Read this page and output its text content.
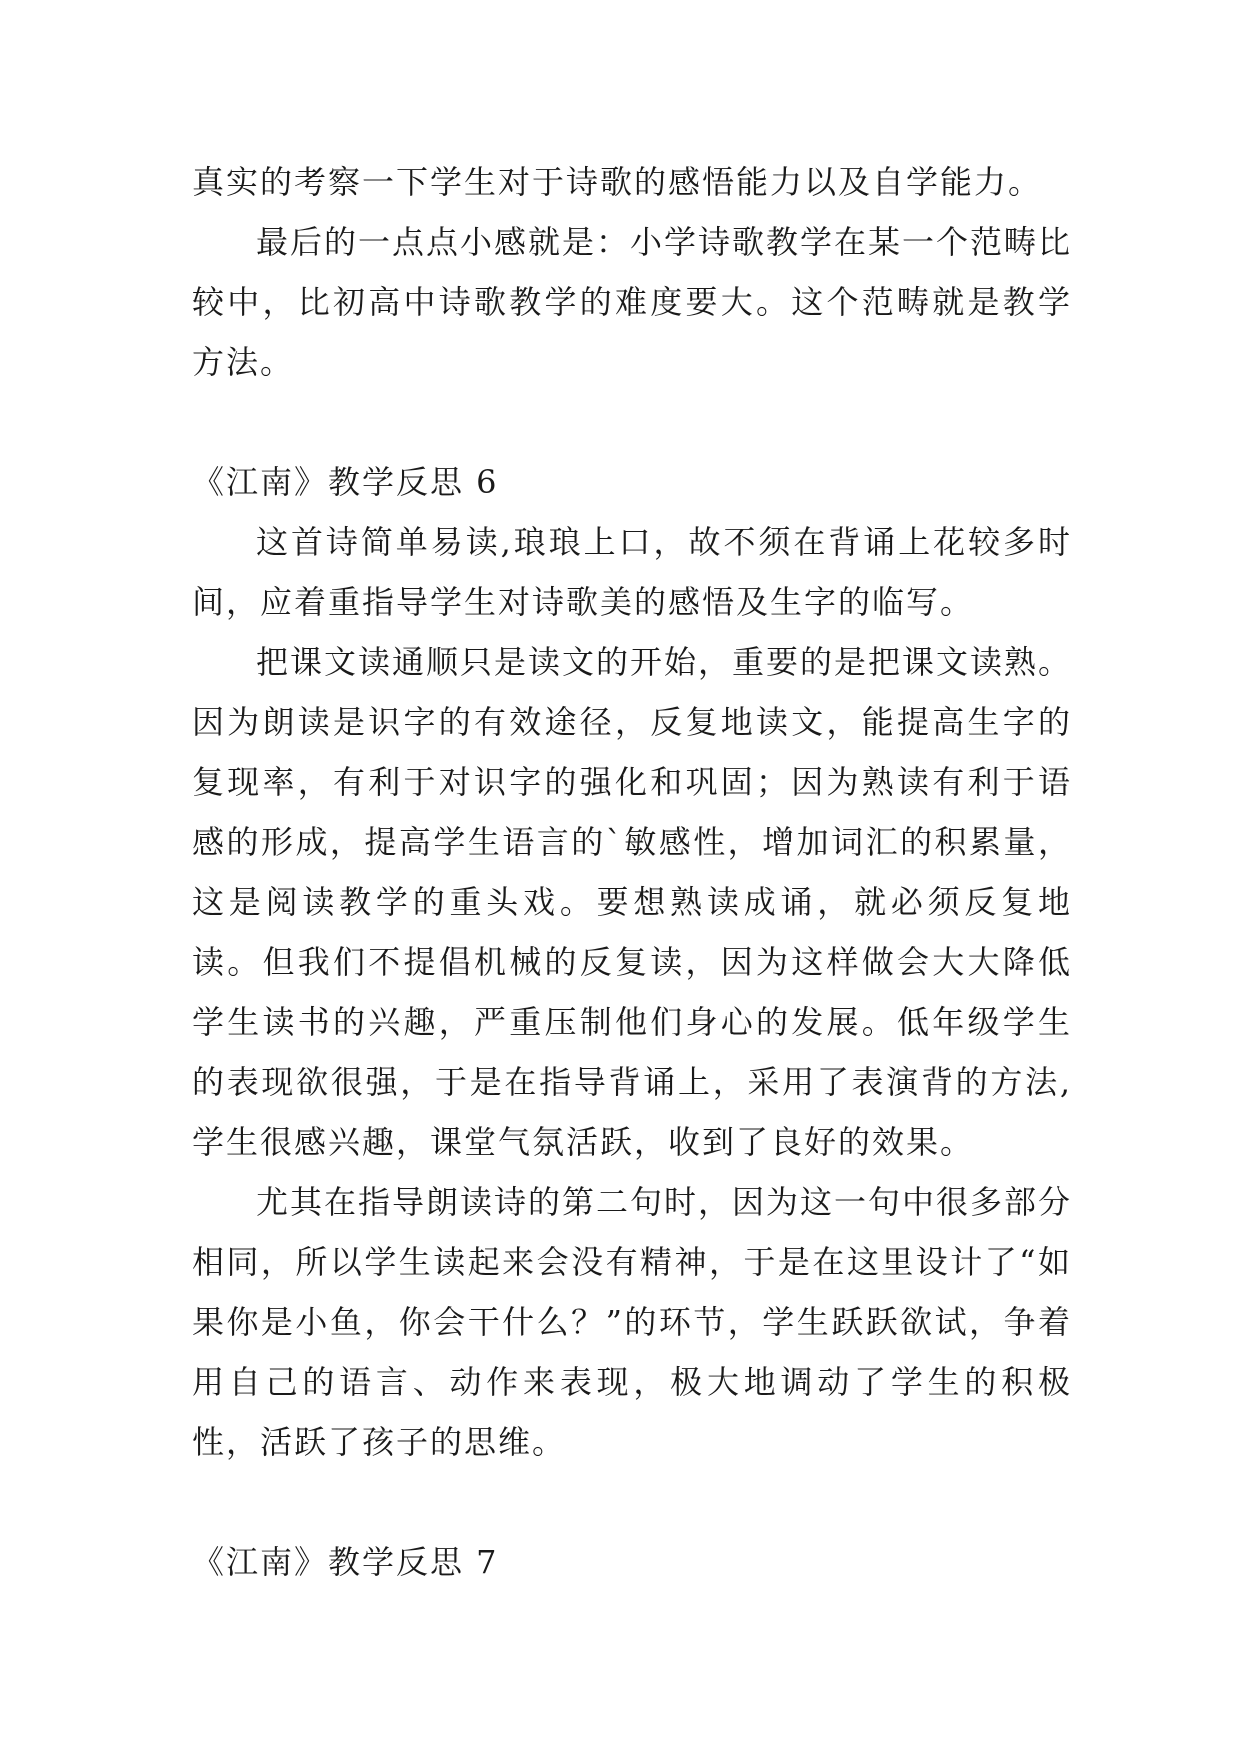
真实的考察一下学生对于诗歌的感悟能力以及自学能力。

最后的一点点小感就是：小学诗歌教学在某一个范畴比较中，比初高中诗歌教学的难度要大。这个范畴就是教学方法。

《江南》教学反思 6

这首诗简单易读,琅琅上口，故不须在背诵上花较多时间，应着重指导学生对诗歌美的感悟及生字的临写。

把课文读通顺只是读文的开始，重要的是把课文读熟。因为朗读是识字的有效途径，反复地读文，能提高生字的复现率，有利于对识字的强化和巩固；因为熟读有利于语感的形成，提高学生语言的`敏感性，增加词汇的积累量，这是阅读教学的重头戏。要想熟读成诵，就必须反复地读。但我们不提倡机械的反复读，因为这样做会大大降低学生读书的兴趣，严重压制他们身心的发展。低年级学生的表现欲很强，于是在指导背诵上，采用了表演背的方法,学生很感兴趣，课堂气氛活跃，收到了良好的效果。

尤其在指导朗读诗的第二句时，因为这一句中很多部分相同，所以学生读起来会没有精神，于是在这里设计了“如果你是小鱼，你会干什么？”的环节，学生跃跃欲试，争着用自己的语言、动作来表现，极大地调动了学生的积极性，活跃了孩子的思维。

《江南》教学反思 7
